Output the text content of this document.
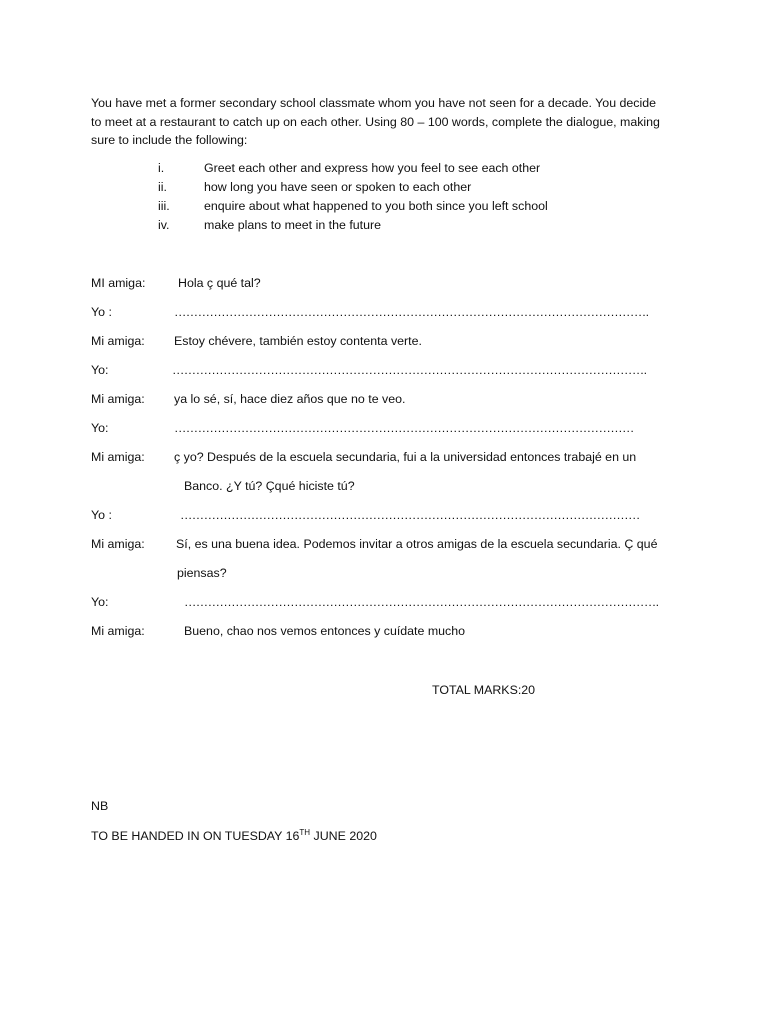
You have met a former secondary school classmate whom you have not seen for a decade. You decide

to meet at a restaurant to catch up on each other. Using 80 – 100 words, complete the dialogue, making

sure to include the following:

i.	Greet each other and express how you feel to see each other
ii.	how long you have seen or spoken to each other
iii.	enquire about what happened to you both since you left school
iv.	make plans to meet in the future
MI amiga:	Hola ç qué tal?
Yo :	………………………………………………………………………………………………………….
Mi amiga: Estoy chévere, también estoy contenta verte.
Yo:	………………………………………………………………………………………………………….
Mi amiga: ya lo sé, sí, hace diez años que no te veo.
Yo:	………………………………………………………………………………………………………
Mi amiga: ç yo? Después de la escuela secundaria, fui a la universidad entonces trabajé en un
Banco. ¿Y tú? Çqué hiciste tú?
Yo :	………………………………………………………………………………………………………
Mi amiga:	Sí, es una buena idea. Podemos invitar a otros amigas de la escuela secundaria. Ç qué
piensas?
Yo:	………………………………………………………………………………………………………….
Mi amiga:	Bueno, chao nos vemos entonces y cuídate mucho
TOTAL MARKS:20
NB
TO BE HANDED IN ON TUESDAY 16TH JUNE 2020
